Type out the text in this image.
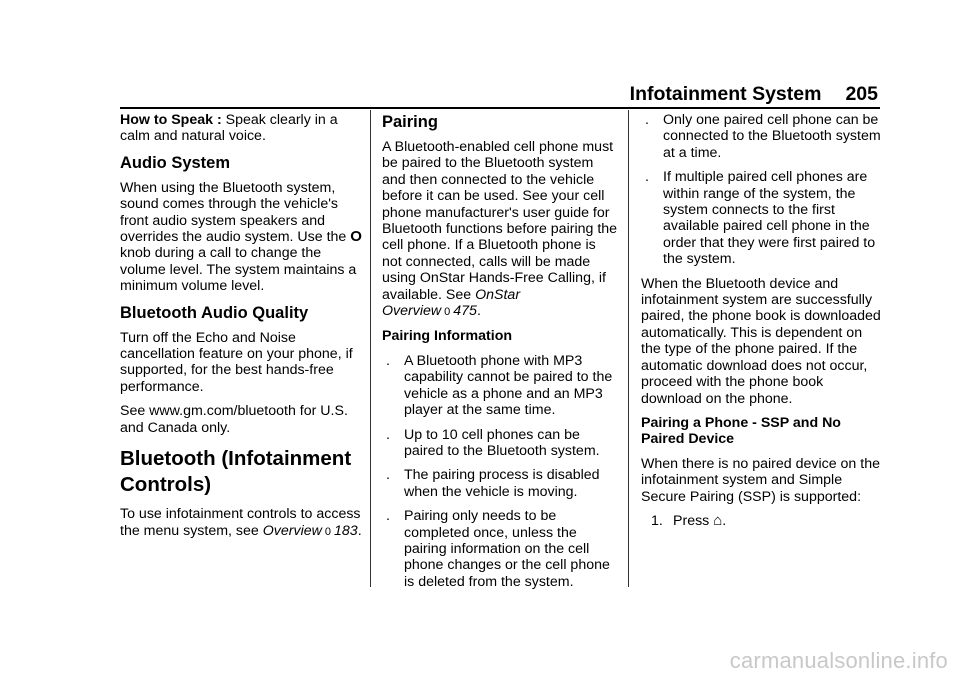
Infotainment System 205

How to Speak : Speak clearly in a calm and natural voice.

Audio System

When using the Bluetooth system, sound comes through the vehicle's front audio system speakers and overrides the audio system. Use the O knob during a call to change the volume level. The system maintains a minimum volume level.

Bluetooth Audio Quality

Turn off the Echo and Noise cancellation feature on your phone, if supported, for the best hands-free performance.

See www.gm.com/bluetooth for U.S. and Canada only.

Bluetooth (Infotainment Controls)

To use infotainment controls to access the menu system, see Overview 0 183.

Pairing

A Bluetooth-enabled cell phone must be paired to the Bluetooth system and then connected to the vehicle before it can be used. See your cell phone manufacturer's user guide for Bluetooth functions before pairing the cell phone. If a Bluetooth phone is not connected, calls will be made using OnStar Hands-Free Calling, if available. See OnStar Overview 0 475.

Pairing Information
. A Bluetooth phone with MP3 capability cannot be paired to the vehicle as a phone and an MP3 player at the same time.
. Up to 10 cell phones can be paired to the Bluetooth system.
. The pairing process is disabled when the vehicle is moving.
. Pairing only needs to be completed once, unless the pairing information on the cell phone changes or the cell phone is deleted from the system.
. Only one paired cell phone can be connected to the Bluetooth system at a time.
. If multiple paired cell phones are within range of the system, the system connects to the first available paired cell phone in the order that they were first paired to the system.

When the Bluetooth device and infotainment system are successfully paired, the phone book is downloaded automatically. This is dependent on the type of the phone paired. If the automatic download does not occur, proceed with the phone book download on the phone.

Pairing a Phone - SSP and No Paired Device

When there is no paired device on the infotainment system and Simple Secure Pairing (SSP) is supported:

1. Press ⌂.
carmanualsonline.info
